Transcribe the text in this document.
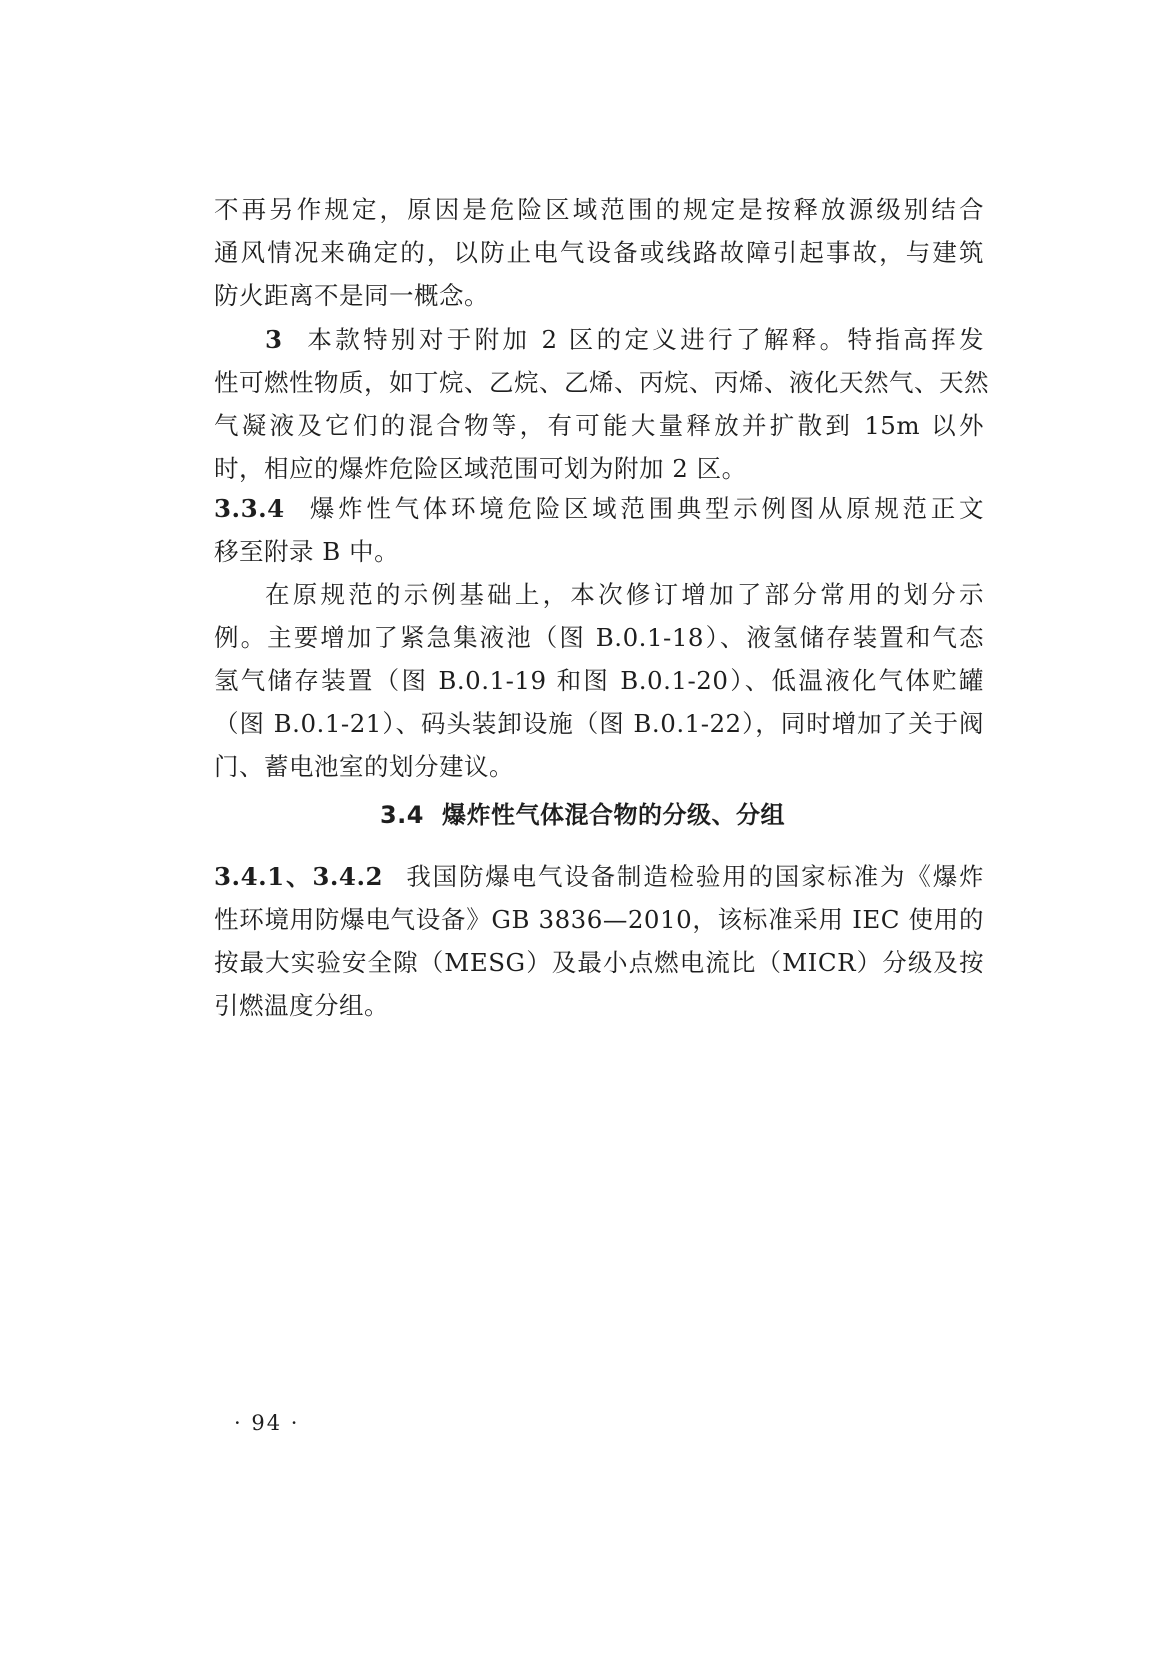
不再另作规定，原因是危险区域范围的规定是按释放源级别结合
通风情况来确定的，以防止电气设备或线路故障引起事故，与建筑
防火距离不是同一概念。
3 本款特别对于附加 2 区的定义进行了解释。特指高挥发
性可燃性物质，如丁烷、乙烷、乙烯、丙烷、丙烯、液化天然气、天然
气凝液及它们的混合物等，有可能大量释放并扩散到 15m 以外
时，相应的爆炸危险区域范围可划为附加 2 区。
3.3.4 爆炸性气体环境危险区域范围典型示例图从原规范正文
移至附录 B 中。
在原规范的示例基础上，本次修订增加了部分常用的划分示
例。主要增加了紧急集液池（图 B.0.1-18）、液氢储存装置和气态
氢气储存装置（图 B.0.1-19 和图 B.0.1-20）、低温液化气体贮罐
（图 B.0.1-21）、码头装卸设施（图 B.0.1-22），同时增加了关于阀
门、蓄电池室的划分建议。
3.4 爆炸性气体混合物的分级、分组
3.4.1、3.4.2 我国防爆电气设备制造检验用的国家标准为《爆炸
性环境用防爆电气设备》GB 3836—2010，该标准采用 IEC 使用的
按最大实验安全隙（MESG）及最小点燃电流比（MICR）分级及按
引燃温度分组。
· 94 ·
